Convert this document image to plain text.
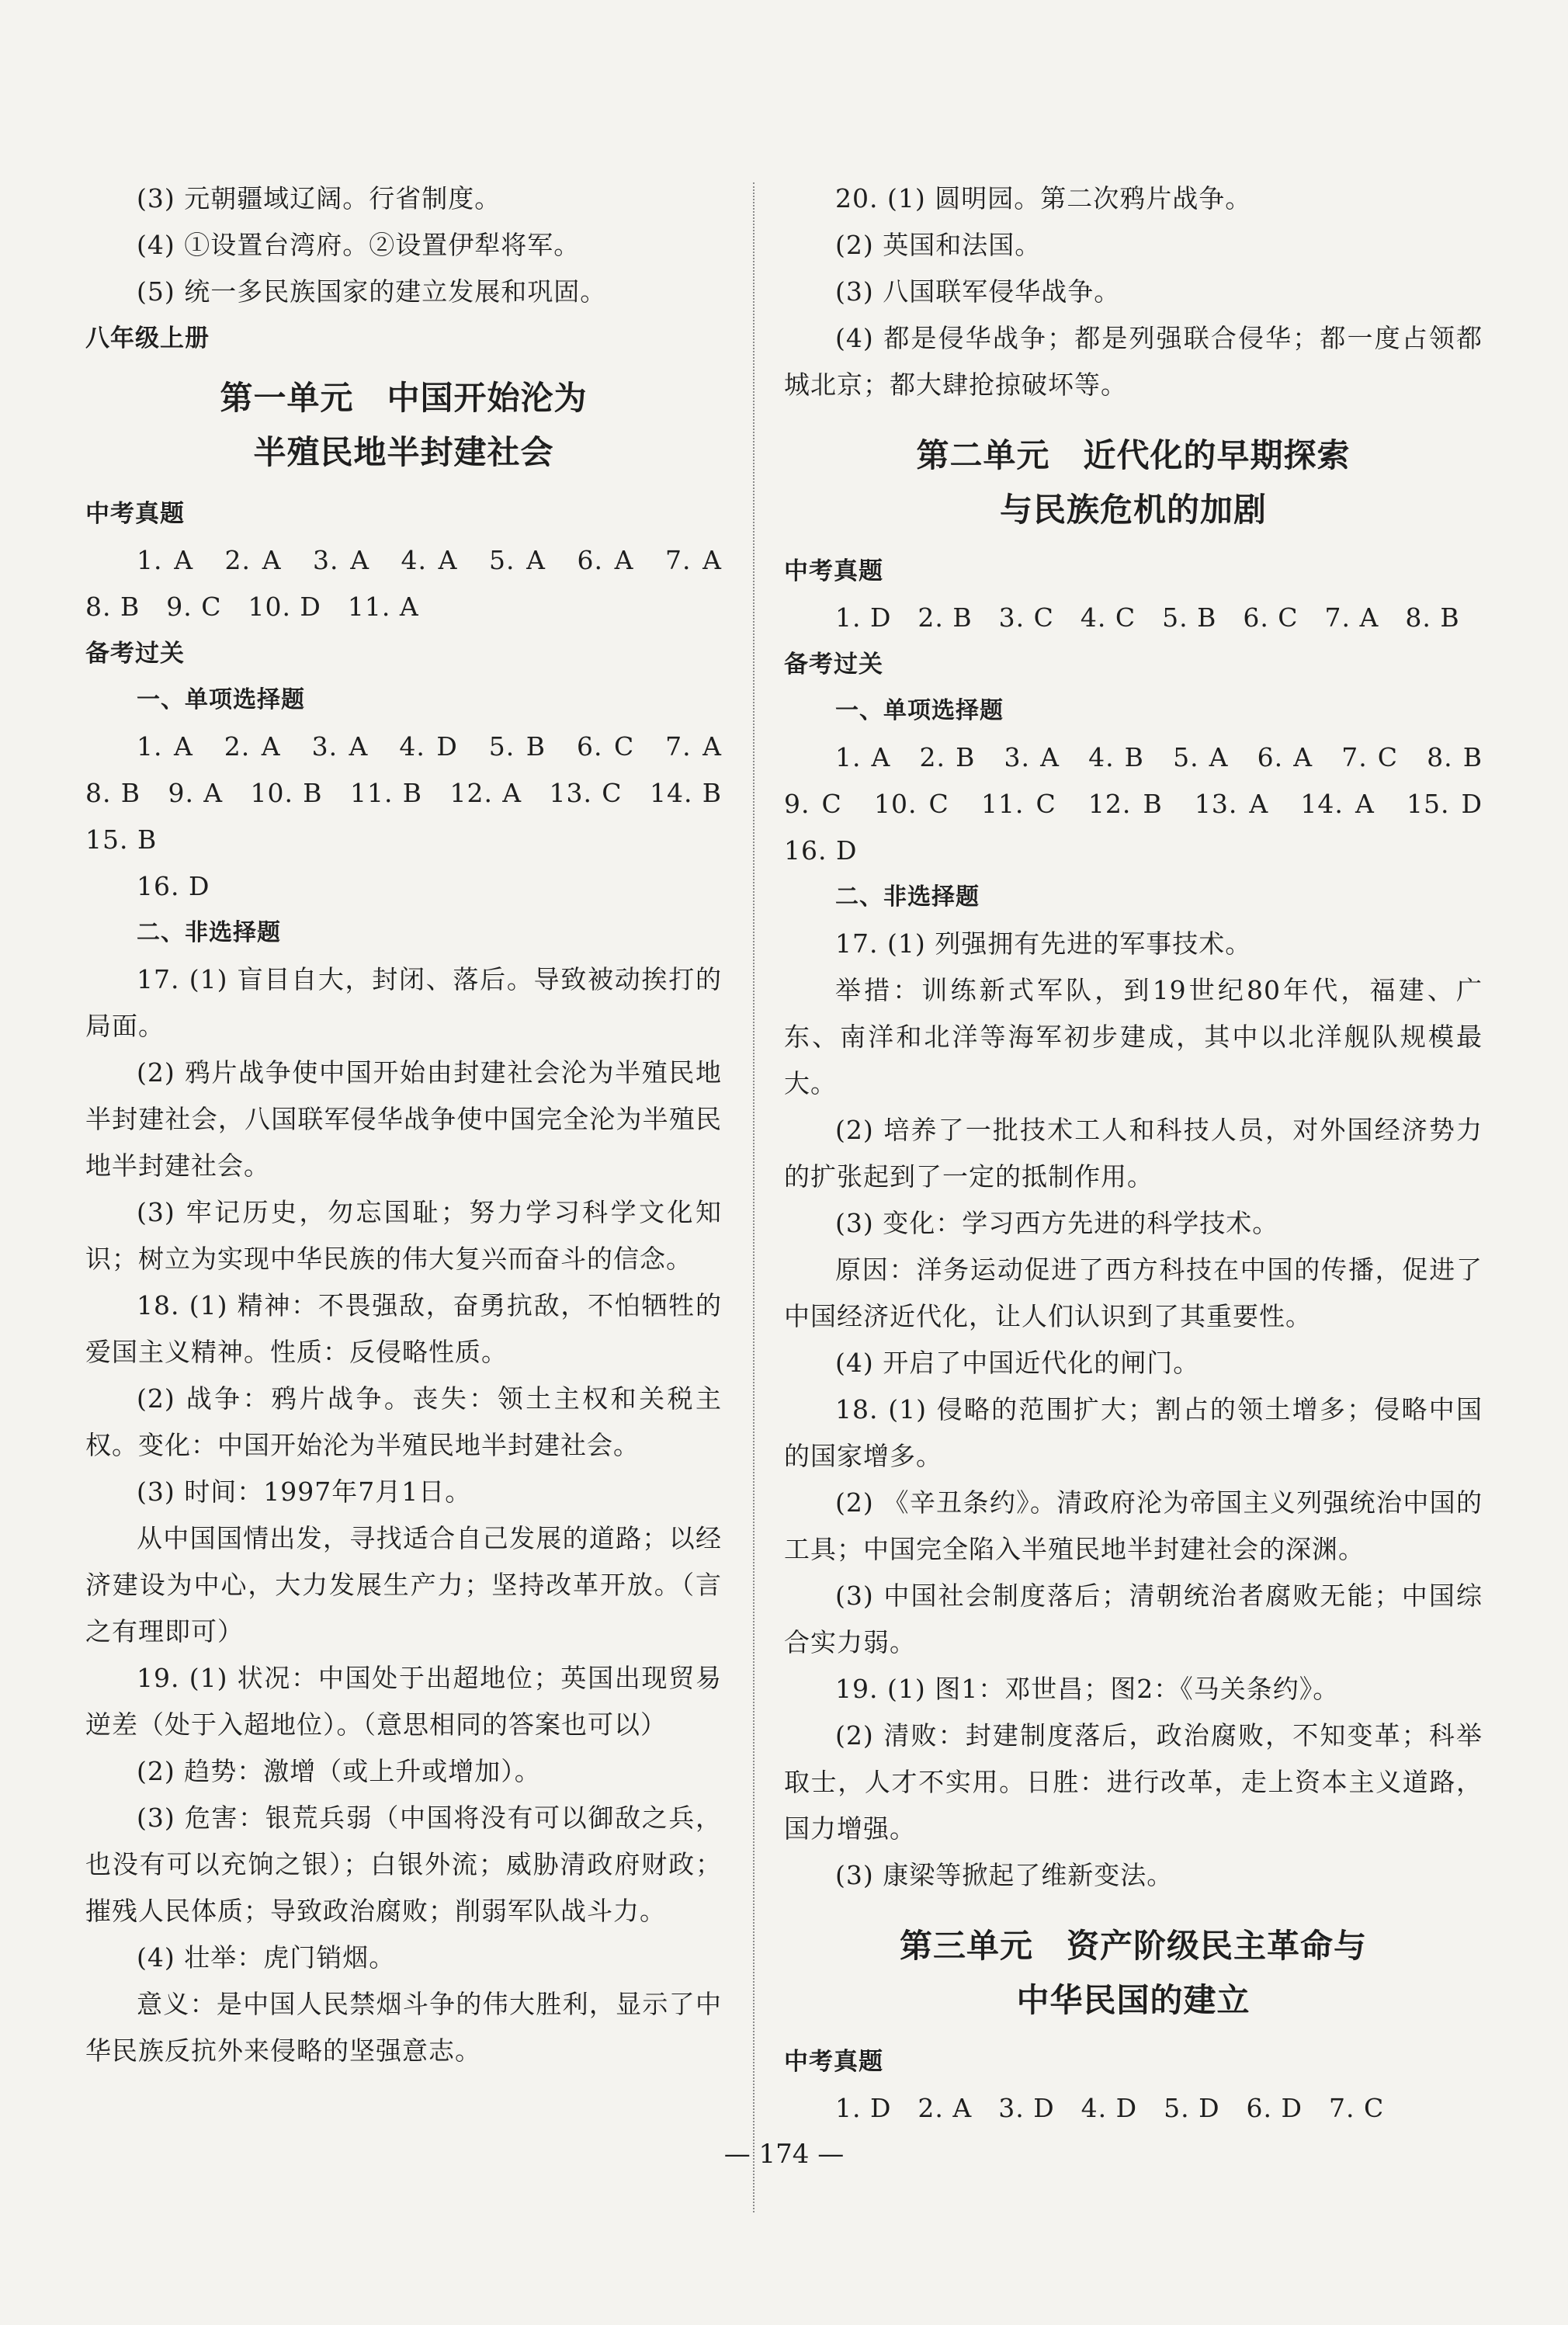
(3) 元朝疆域辽阔。行省制度。

(4) ①设置台湾府。②设置伊犁将军。

(5) 统一多民族国家的建立发展和巩固。

八年级上册

第一单元　中国开始沦为
半殖民地半封建社会

中考真题

1. A　2. A　3. A　4. A　5. A　6. A　7. A　8. B　9. C　10. D　11. A

备考过关

一、单项选择题

1. A　2. A　3. A　4. D　5. B　6. C　7. A　8. B　9. A　10. B　11. B　12. A　13. C　14. B　15. B

16. D

二、非选择题

17. (1) 盲目自大，封闭、落后。导致被动挨打的局面。

(2) 鸦片战争使中国开始由封建社会沦为半殖民地半封建社会，八国联军侵华战争使中国完全沦为半殖民地半封建社会。

(3) 牢记历史，勿忘国耻；努力学习科学文化知识；树立为实现中华民族的伟大复兴而奋斗的信念。

18. (1) 精神：不畏强敌，奋勇抗敌，不怕牺牲的爱国主义精神。性质：反侵略性质。

(2) 战争：鸦片战争。丧失：领土主权和关税主权。变化：中国开始沦为半殖民地半封建社会。

(3) 时间：1997年7月1日。

从中国国情出发，寻找适合自己发展的道路；以经济建设为中心，大力发展生产力；坚持改革开放。（言之有理即可）

19. (1) 状况：中国处于出超地位；英国出现贸易逆差（处于入超地位）。（意思相同的答案也可以）

(2) 趋势：激增（或上升或增加）。

(3) 危害：银荒兵弱（中国将没有可以御敌之兵，也没有可以充饷之银）；白银外流；威胁清政府财政；摧残人民体质；导致政治腐败；削弱军队战斗力。

(4) 壮举：虎门销烟。

意义：是中国人民禁烟斗争的伟大胜利，显示了中华民族反抗外来侵略的坚强意志。

20. (1) 圆明园。第二次鸦片战争。

(2) 英国和法国。

(3) 八国联军侵华战争。

(4) 都是侵华战争；都是列强联合侵华；都一度占领都城北京；都大肆抢掠破坏等。

第二单元　近代化的早期探索
与民族危机的加剧

中考真题

1. D　2. B　3. C　4. C　5. B　6. C　7. A　8. B

备考过关

一、单项选择题

1. A　2. B　3. A　4. B　5. A　6. A　7. C　8. B　9. C　10. C　11. C　12. B　13. A　14. A　15. D　16. D

二、非选择题

17. (1) 列强拥有先进的军事技术。

举措：训练新式军队，到19世纪80年代，福建、广东、南洋和北洋等海军初步建成，其中以北洋舰队规模最大。

(2) 培养了一批技术工人和科技人员，对外国经济势力的扩张起到了一定的抵制作用。

(3) 变化：学习西方先进的科学技术。

原因：洋务运动促进了西方科技在中国的传播，促进了中国经济近代化，让人们认识到了其重要性。

(4) 开启了中国近代化的闸门。

18. (1) 侵略的范围扩大；割占的领土增多；侵略中国的国家增多。

(2) 《辛丑条约》。清政府沦为帝国主义列强统治中国的工具；中国完全陷入半殖民地半封建社会的深渊。

(3) 中国社会制度落后；清朝统治者腐败无能；中国综合实力弱。

19. (1) 图1：邓世昌；图2：《马关条约》。

(2) 清败：封建制度落后，政治腐败，不知变革；科举取士，人才不实用。日胜：进行改革，走上资本主义道路，国力增强。

(3) 康梁等掀起了维新变法。

第三单元　资产阶级民主革命与
中华民国的建立

中考真题

1. D　2. A　3. D　4. D　5. D　6. D　7. C

— 174 —
